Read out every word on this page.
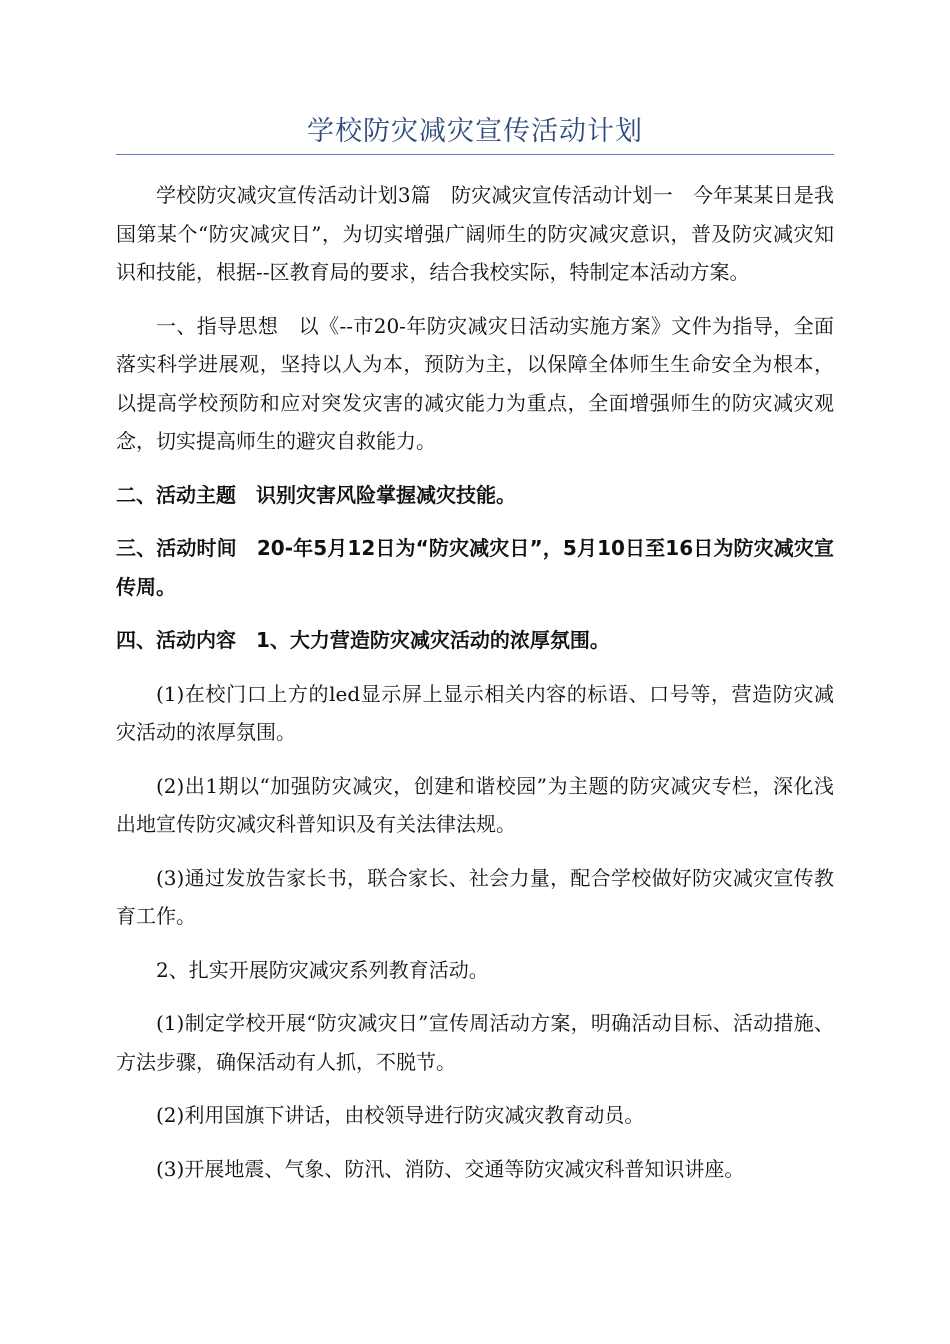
学校防灾减灾宣传活动计划

学校防灾减灾宣传活动计划3篇　防灾减灾宣传活动计划一　今年某某日是我国第某个“防灾减灾日”，为切实增强广阔师生的防灾减灾意识，普及防灾减灾知识和技能，根据--区教育局的要求，结合我校实际，特制定本活动方案。

一、指导思想　以《--市20-年防灾减灾日活动实施方案》文件为指导，全面落实科学进展观，坚持以人为本，预防为主，以保障全体师生生命安全为根本，以提高学校预防和应对突发灾害的减灾能力为重点，全面增强师生的防灾减灾观念，切实提高师生的避灾自救能力。

二、活动主题　识别灾害风险掌握减灾技能。

三、活动时间　20-年5月12日为“防灾减灾日”，5月10日至16日为防灾减灾宣传周。

四、活动内容　1、大力营造防灾减灾活动的浓厚氛围。

(1)在校门口上方的led显示屏上显示相关内容的标语、口号等，营造防灾减灾活动的浓厚氛围。

(2)出1期以“加强防灾减灾，创建和谐校园”为主题的防灾减灾专栏，深化浅出地宣传防灾减灾科普知识及有关法律法规。

(3)通过发放告家长书，联合家长、社会力量，配合学校做好防灾减灾宣传教育工作。

2、扎实开展防灾减灾系列教育活动。

(1)制定学校开展“防灾减灾日”宣传周活动方案，明确活动目标、活动措施、方法步骤，确保活动有人抓，不脱节。

(2)利用国旗下讲话，由校领导进行防灾减灾教育动员。

(3)开展地震、气象、防汛、消防、交通等防灾减灾科普知识讲座。
